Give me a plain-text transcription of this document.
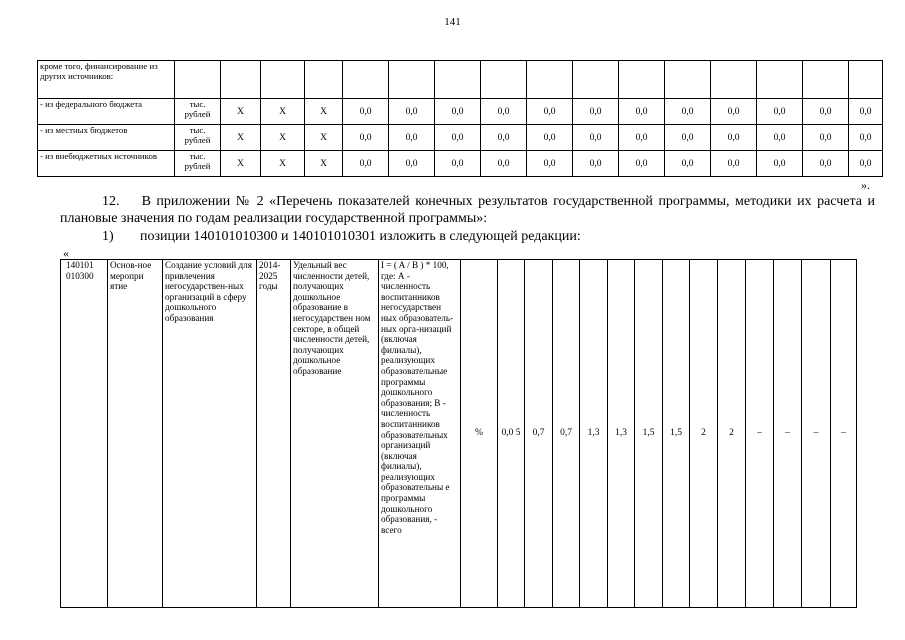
141
кроме того, финансирование из других источников:																
- из федерального бюджета	тыс. рублей	Х	Х	Х	0,0	0,0	0,0	0,0	0,0	0,0	0,0	0,0	0,0	0,0	0,0	0,0
- из местных бюджетов	тыс. рублей	Х	Х	Х	0,0	0,0	0,0	0,0	0,0	0,0	0,0	0,0	0,0	0,0	0,0	0,0
- из внебюджетных источников	тыс. рублей	Х	Х	Х	0,0	0,0	0,0	0,0	0,0	0,0	0,0	0,0	0,0	0,0	0,0	0,0
».
12.    В приложении № 2 «Перечень показателей конечных результатов государственной программы, методики их расчета и плановые значения по годам реализации государственной программы»:
1) позиции 140101010300 и 140101010301 изложить в следующей редакции:
«
140101 010300	Основ-ное меропри ятие	Создание условий для привлечения негосударствен-ных организаций в сферу дошкольного образования	2014-2025 годы	Удельный вес численности детей, получающих дошкольное образование в негосударствен ном секторе, в общей численности детей, получающих дошкольное образование	I = ( A / B ) * 100, где: А - численность воспитанников негосударствен ных образователь-ных орга-низаций (включая филиалы), реализующих образовательные программы дошкольного образования; В - численность воспитанников образовательных организаций (включая филиалы), реализующих образовательны е программы дошкольного образования, - всего	%	0,0 5	0,7	0,7	1,3	1,3	1,5	1,5	2	2	–	–	–	–
